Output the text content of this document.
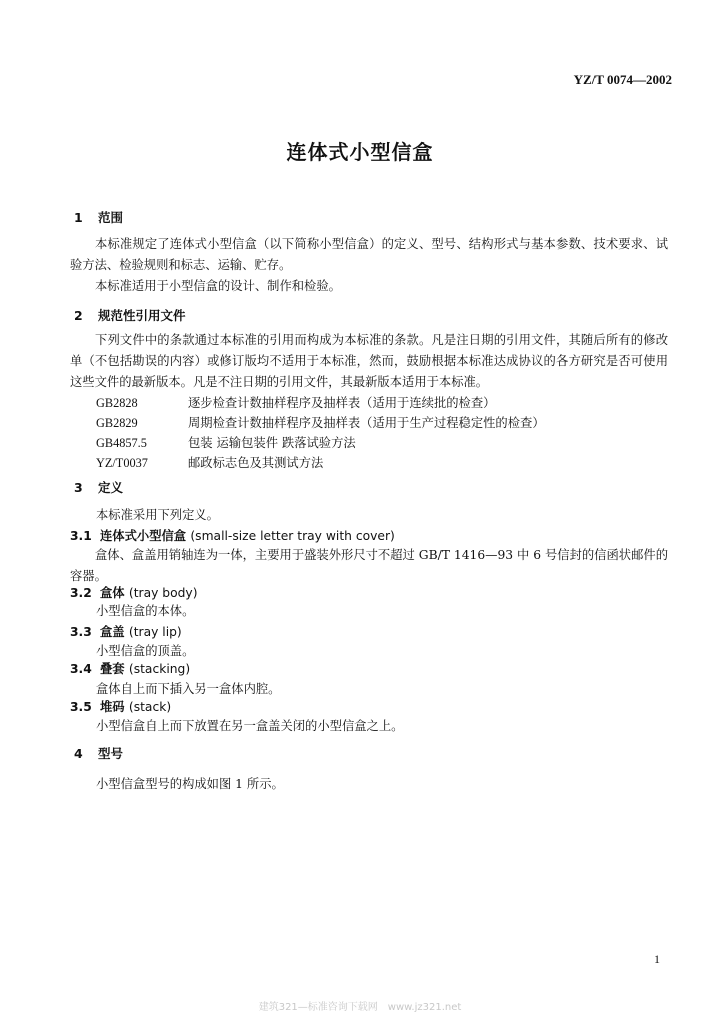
YZ/T 0074—2002
连体式小型信盒
1 范围
本标准规定了连体式小型信盒（以下简称小型信盒）的定义、型号、结构形式与基本参数、技术要求、试验方法、检验规则和标志、运输、贮存。
本标准适用于小型信盒的设计、制作和检验。
2 规范性引用文件
下列文件中的条款通过本标准的引用而构成为本标准的条款。凡是注日期的引用文件，其随后所有的修改单（不包括勘误的内容）或修订版均不适用于本标准，然而，鼓励根据本标准达成协议的各方研究是否可使用这些文件的最新版本。凡是不注日期的引用文件，其最新版本适用于本标准。
GB2828	逐步检查计数抽样程序及抽样表（适用于连续批的检查）
GB2829	周期检查计数抽样程序及抽样表（适用于生产过程稳定性的检查）
GB4857.5	包装 运输包装件 跌落试验方法
YZ/T0037	邮政标志色及其测试方法
3 定义
本标准采用下列定义。
3.1 连体式小型信盒 (small-size letter tray with cover)
盒体、盒盖用销轴连为一体，主要用于盛装外形尺寸不超过 GB/T 1416—93 中 6 号信封的信函状邮件的容器。
3.2 盒体 (tray body)
小型信盒的本体。
3.3 盒盖 (tray lip)
小型信盒的顶盖。
3.4 叠套 (stacking)
盒体自上而下插入另一盒体内腔。
3.5 堆码 (stack)
小型信盒自上而下放置在另一盒盖关闭的小型信盒之上。
4 型号
小型信盒型号的构成如图 1 所示。
1
建筑321—标准咨询下载网　www.jz321.net
